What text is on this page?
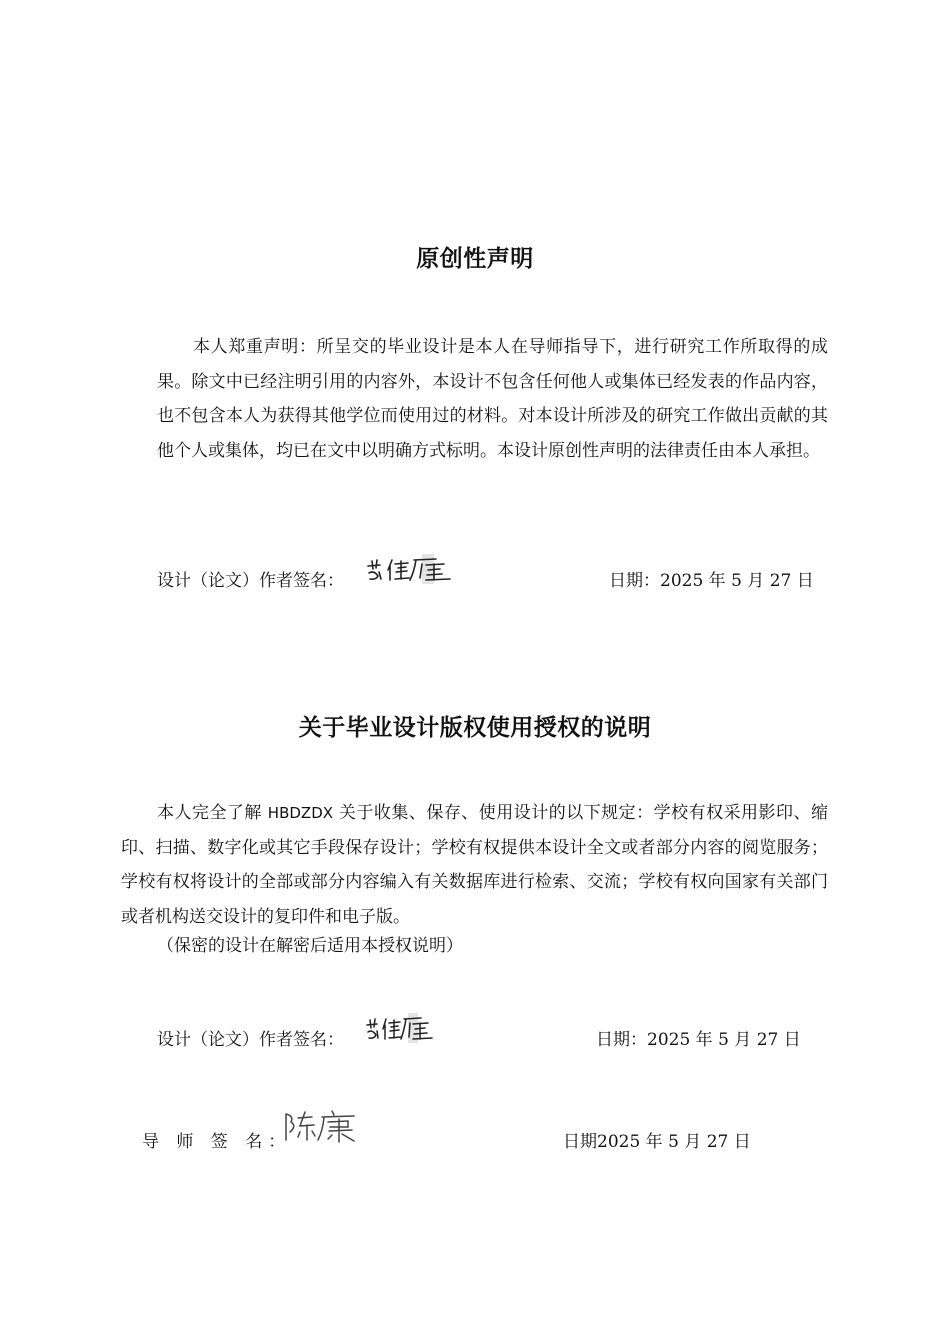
原创性声明
本人郑重声明：所呈交的毕业设计是本人在导师指导下，进行研究工作所取得的成果。除文中已经注明引用的内容外，本设计不包含任何他人或集体已经发表的作品内容，也不包含本人为获得其他学位而使用过的材料。对本设计所涉及的研究工作做出贡献的其他个人或集体，均已在文中以明确方式标明。本设计原创性声明的法律责任由本人承担。
设计（论文）作者签名：	日期：2025 年 5 月 27 日
关于毕业设计版权使用授权的说明
本人完全了解 HBDZDX 关于收集、保存、使用设计的以下规定：学校有权采用影印、缩印、扫描、数字化或其它手段保存设计；学校有权提供本设计全文或者部分内容的阅览服务；学校有权将设计的全部或部分内容编入有关数据库进行检索、交流；学校有权向国家有关部门或者机构送交设计的复印件和电子版。
（保密的设计在解密后适用本授权说明）
设计（论文）作者签名：	日期：2025 年 5 月 27 日
导 师 签 名：	日期2025 年 5 月 27 日
